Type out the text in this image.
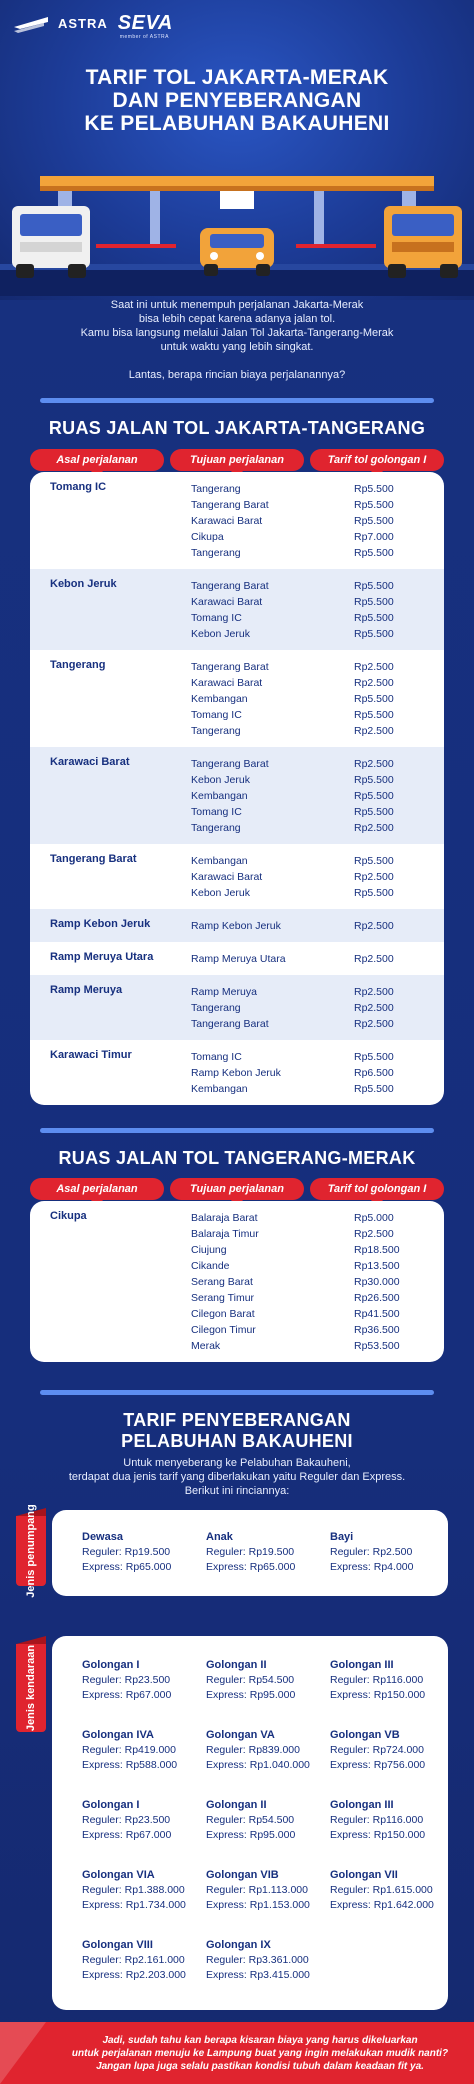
ASTRA SEVA
member of ASTRA
TARIF TOL JAKARTA-MERAK
DAN PENYEBERANGAN
KE PELABUHAN BAKAUHENI

Saat ini untuk menempuh perjalanan Jakarta-Merak

bisa lebih cepat karena adanya jalan tol.

Kamu bisa langsung melalui Jalan Tol Jakarta-Tangerang-Merak

untuk waktu yang lebih singkat.

Lantas, berapa rincian biaya perjalanannya?

RUAS JALAN TOL JAKARTA-TANGERANG
Asal perjalanan	Tujuan perjalanan	Tarif tol golongan I
Tomang IC	Tangerang	Rp5.500
Tangerang Barat	Rp5.500
Karawaci Barat	Rp5.500
Cikupa	Rp7.000
Tangerang	Rp5.500
Kebon Jeruk	Tangerang Barat	Rp5.500
Karawaci Barat	Rp5.500
Tomang IC	Rp5.500
Kebon Jeruk	Rp5.500
Tangerang	Tangerang Barat	Rp2.500
Karawaci Barat	Rp2.500
Kembangan	Rp5.500
Tomang IC	Rp5.500
Tangerang	Rp2.500
Karawaci Barat	Tangerang Barat	Rp2.500
Kebon Jeruk	Rp5.500
Kembangan	Rp5.500
Tomang IC	Rp5.500
Tangerang	Rp2.500
Tangerang Barat	Kembangan	Rp5.500
Karawaci Barat	Rp2.500
Kebon Jeruk	Rp5.500
Ramp Kebon Jeruk	Ramp Kebon Jeruk	Rp2.500
Ramp Meruya Utara	Ramp Meruya Utara	Rp2.500
Ramp Meruya	Ramp Meruya	Rp2.500
Tangerang	Rp2.500
Tangerang Barat	Rp2.500
Karawaci Timur	Tomang IC	Rp5.500
Ramp Kebon Jeruk	Rp6.500
Kembangan	Rp5.500
RUAS JALAN TOL TANGERANG-MERAK
Asal perjalanan	Tujuan perjalanan	Tarif tol golongan I
Cikupa	Balaraja Barat	Rp5.000
Balaraja Timur	Rp2.500
Ciujung	Rp18.500
Cikande	Rp13.500
Serang Barat	Rp30.000
Serang Timur	Rp26.500
Cilegon Barat	Rp41.500
Cilegon Timur	Rp36.500
Merak	Rp53.500
TARIF PENYEBERANGAN
PELABUHAN BAKAUHENI
Untuk menyeberang ke Pelabuhan Bakauheni,
terdapat dua jenis tarif yang diberlakukan yaitu Reguler dan Express.
Berikut ini rinciannya:
Jenis penumpang	Dewasa
Reguler: Rp19.500
Express: Rp65.000
Anak
Reguler: Rp19.500
Express: Rp65.000
Bayi
Reguler: Rp2.500
Express: Rp4.000
Jenis kendaraan	Golongan I
Reguler: Rp23.500
Express: Rp67.000
Golongan II
Reguler: Rp54.500
Express: Rp95.000
Golongan III
Reguler: Rp116.000
Express: Rp150.000
Golongan IVA
Reguler: Rp419.000
Express: Rp588.000
Golongan VA
Reguler: Rp839.000
Express: Rp1.040.000
Golongan VB
Reguler: Rp724.000
Express: Rp756.000
Golongan I
Reguler: Rp23.500
Express: Rp67.000
Golongan II
Reguler: Rp54.500
Express: Rp95.000
Golongan III
Reguler: Rp116.000
Express: Rp150.000
Golongan VIA
Reguler: Rp1.388.000
Express: Rp1.734.000
Golongan VIB
Reguler: Rp1.113.000
Express: Rp1.153.000
Golongan VII
Reguler: Rp1.615.000
Express: Rp1.642.000
Golongan VIII
Reguler: Rp2.161.000
Express: Rp2.203.000
Golongan IX
Reguler: Rp3.361.000
Express: Rp3.415.000
Jadi, sudah tahu kan berapa kisaran biaya yang harus dikeluarkan
untuk perjalanan menuju ke Lampung buat yang ingin melakukan mudik nanti?
Jangan lupa juga selalu pastikan kondisi tubuh dalam keadaan fit ya.
